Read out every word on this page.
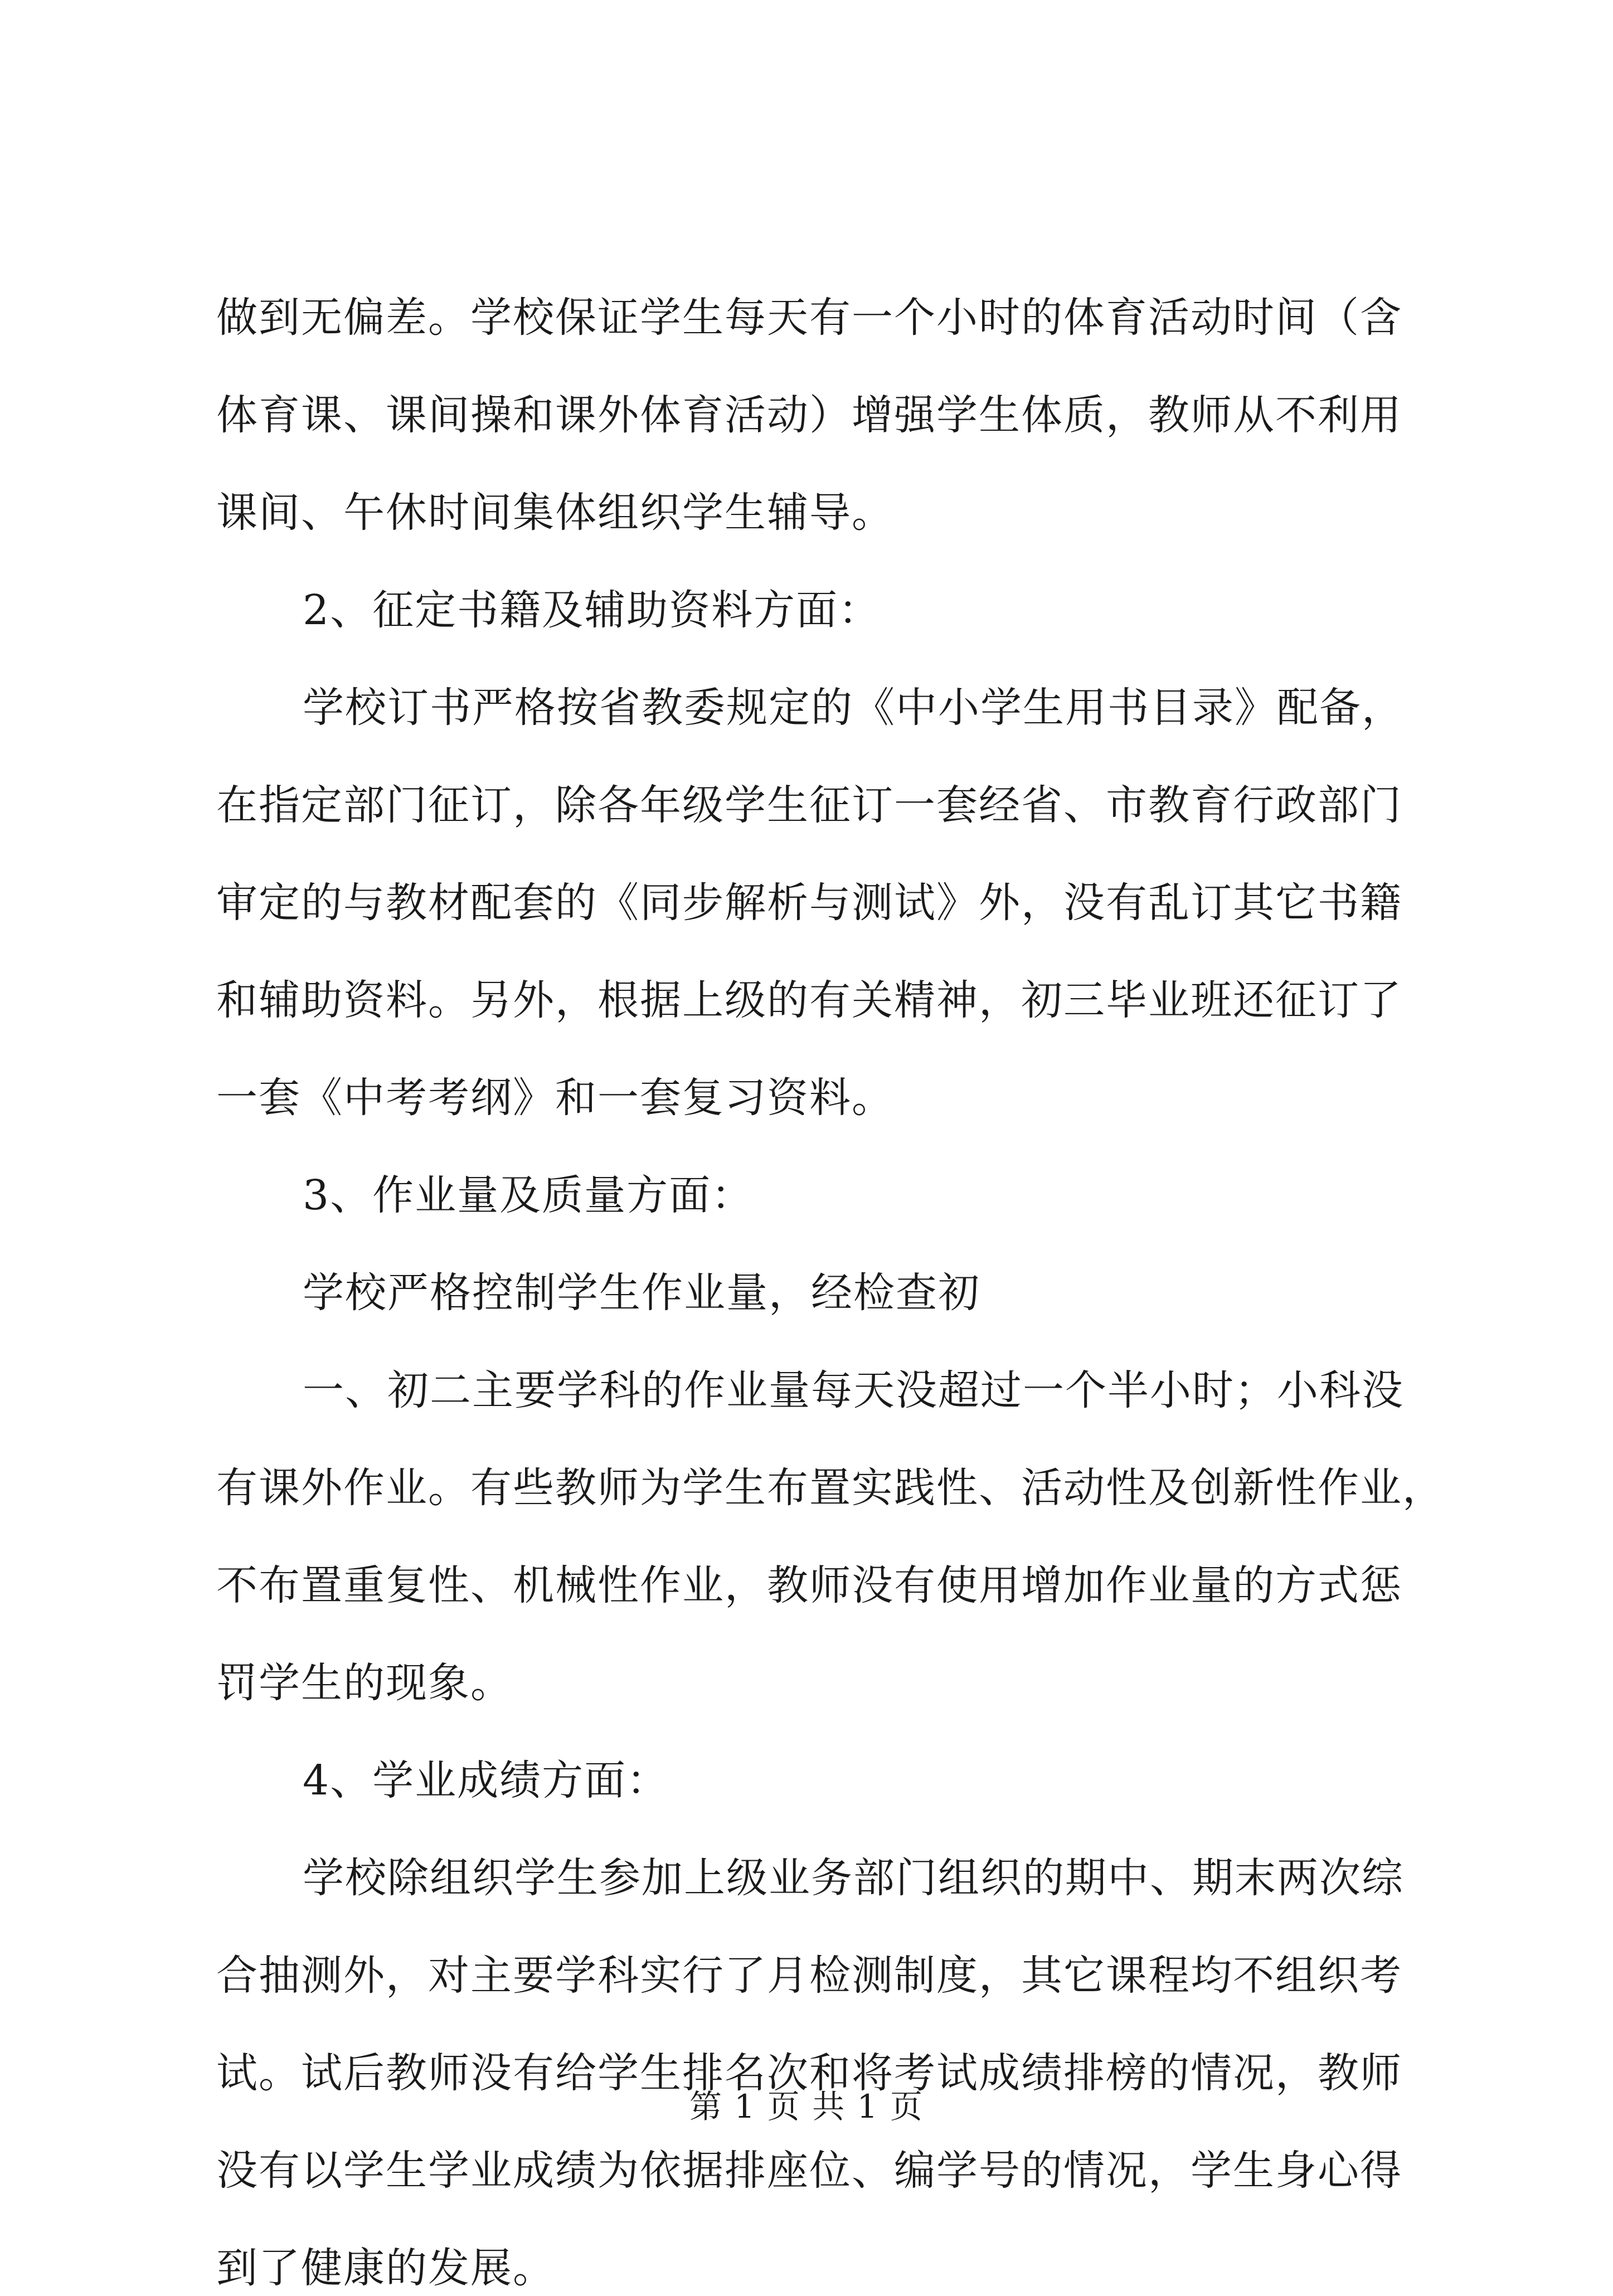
做到无偏差。学校保证学生每天有一个小时的体育活动时间（含
体育课、课间操和课外体育活动）增强学生体质，教师从不利用
课间、午休时间集体组织学生辅导。
2、征定书籍及辅助资料方面：
学校订书严格按省教委规定的《中小学生用书目录》配备，
在指定部门征订，除各年级学生征订一套经省、市教育行政部门
审定的与教材配套的《同步解析与测试》外，没有乱订其它书籍
和辅助资料。另外，根据上级的有关精神，初三毕业班还征订了
一套《中考考纲》和一套复习资料。
3、作业量及质量方面：
学校严格控制学生作业量，经检查初
一、初二主要学科的作业量每天没超过一个半小时；小科没
有课外作业。有些教师为学生布置实践性、活动性及创新性作业，
不布置重复性、机械性作业，教师没有使用增加作业量的方式惩
罚学生的现象。
4、学业成绩方面：
学校除组织学生参加上级业务部门组织的期中、期末两次综
合抽测外，对主要学科实行了月检测制度，其它课程均不组织考
试。试后教师没有给学生排名次和将考试成绩排榜的情况，教师
没有以学生学业成绩为依据排座位、编学号的情况，学生身心得
到了健康的发展。
第 1 页 共 1 页
